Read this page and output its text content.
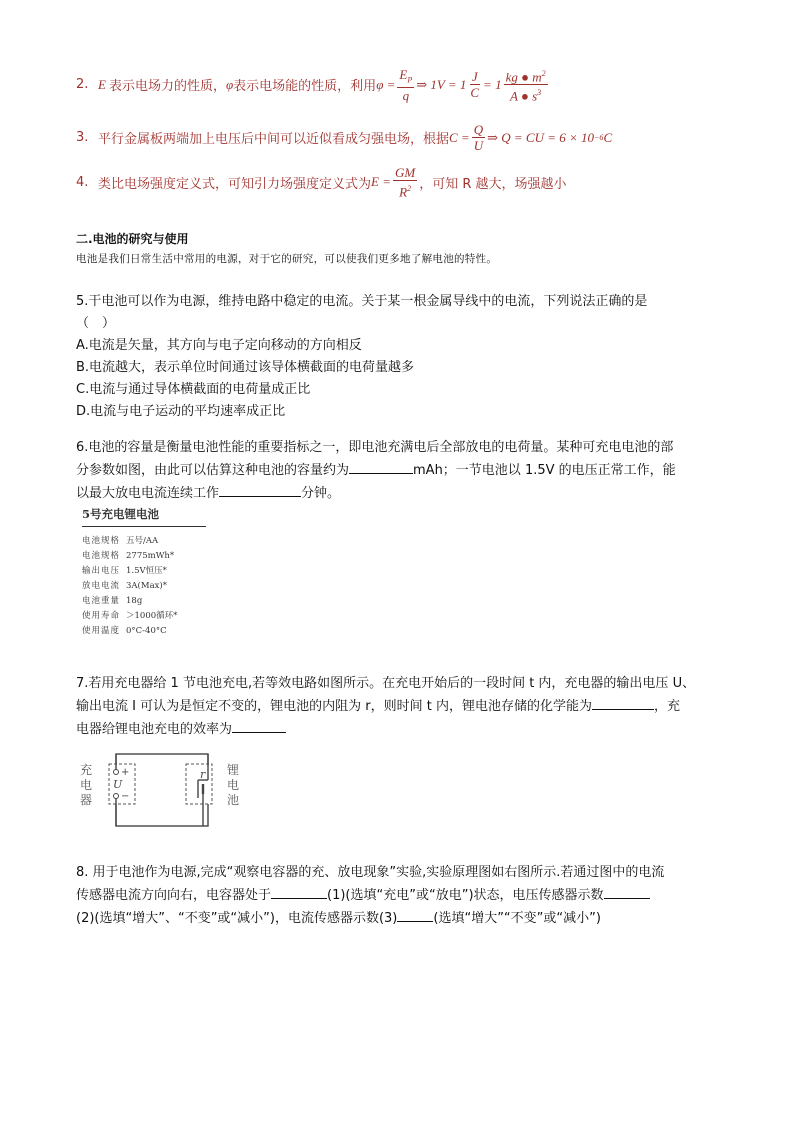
2. E 表示电场力的性质， φ 表示电场能的性质，利用 $\varphi = \frac{E_P}{q}$ ⇒ $1V = 1 \frac{J}{C} = 1 \frac{kg ● m^2}{A ● s^3}$
3. 平行金属板两端加上电压后中间可以近似看成匀强电场，根据 $C = \frac{Q}{U}$ ⇒ Q = CU = 6 × 10 −6 C
4. 类比电场强度定义式，可知引力场强度定义式为 $E = \frac{GM}{R^2}$ ，可知 R 越大，场强越小
二.电池的研究与使用
电池是我们日常生活中常用的电源，对于它的研究，可以使我们更多地了解电池的特性。

5.干电池可以作为电源，维持电路中稳定的电流。关于某一根金属导线中的电流，下列说法正确的是

（　）

A.电流是矢量，其方向与电子定向移动的方向相反

B.电流越大，表示单位时间通过该导体横截面的电荷量越多

C.电流与通过导体横截面的电荷量成正比

D.电流与电子运动的平均速率成正比

6.电池的容量是衡量电池性能的重要指标之一，即电池充满电后全部放电的电荷量。某种可充电电池的部

分参数如图，由此可以估算这种电池的容量约为	mAh；一节电池以 1.5V 的电压正常工作，能

以最大放电电流连续工作	分钟。

5号充电锂电池
电池规格 五号/AA
电池规格 2775mWh*
输出电压 1.5V恒压*
放电电流 3A(Max)*
电池重量 18g
使用寿命 ＞1000循环*
使用温度 0°C-40°C

7.若用充电器给 1 节电池充电,若等效电路如图所示。在充电开始后的一段时间 t 内，充电器的输出电压 U、

输出电流 I 可认为是恒定不变的，锂电池的内阻为 r，则时间 t 内，锂电池存储的化学能为	，充

电器给锂电池充电的效率为

+
−
U
r
充
电
器
锂
电
池

8. 用于电池作为电源,完成“观察电容器的充、放电现象”实验,实验原理图如右图所示.若通过图中的电流

传感器电流方向向右，电容器处于	(1)(选填“充电”或“放电”)状态，电压传感器示数

(2)(选填“增大”、“不变”或“减小”)，电流传感器示数(3)	(选填“增大”“不变”或“减小”)
